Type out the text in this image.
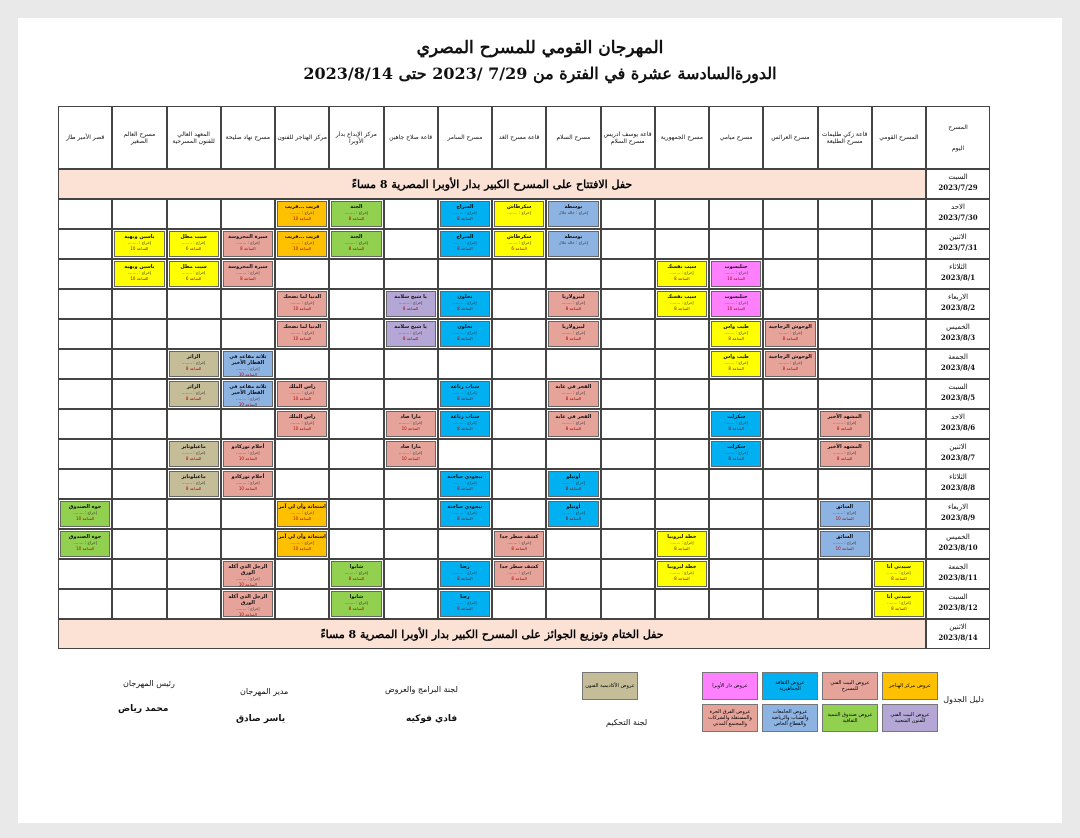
المهرجان القومي للمسرح المصري
الدورةالسادسة عشرة في الفترة من 7/29 /2023 حتى 2023/8/14
المسرح
اليوم
المسرح القومي
قاعة زكي طليمات مسرح الطليعة
مسرح العرائس
مسرح ميامي
مسرح الجمهورية
قاعة يوسف ادريس مسرح السلام
مسرح السلام
قاعة مسرح الغد
مسرح السامر
قاعة صلاح جاهين
مركز الإبداع بدار الأوبرا
مركز الهناجر للفنون
مسرح نهاد صليحة
المعهد العالي للفنون المسرحية
مسرح العالم الصغير
قصر الأمير طاز
السبت
2023/7/29
حفل الافتتاح على المسرح الكبير بدار الأوبرا المصرية 8 مساءً
الاحد
2023/7/30
الاثنين
2023/7/31
الثلاثاء
2023/8/1
الاربعاء
2023/8/2
الخميس
2023/8/3
الجمعة
2023/8/4
السبت
2023/8/5
الاحد
2023/8/6
الاثنين
2023/8/7
الثلاثاء
2023/8/8
الاربعاء
2023/8/9
الخميس
2023/8/10
الجمعة
2023/8/11
السبت
2023/8/12
الاثنين
2023/8/14
حفل الختام وتوزيع الجوائز على المسرح الكبير بدار الأوبرا المصرية 8 مساءً
بوسطة
إخراج : خالد جلال
سكرطاش
إخراج : ........
السراج
إخراج : ........
الساعة 8
الجنة
إخراج : ........
الساعة 8
قريب ...قريب
إخراج : ........
الساعة 10
بوسطة
إخراج : خالد جلال
سكرطاش
إخراج : ........
الساعة 6
السراج
إخراج : ........
الساعة 8
الجنة
إخراج : ........
الساعة 8
قريب ...قريب
إخراج : ........
الساعة 10
سيرة المحروسة
إخراج : ........
الساعة 8
سيت مطل
إخراج : ........
الساعة 6
ياسين وبهية
إخراج : ........
الساعة 10
سيب نفسك
إخراج : ........
الساعة 8
حتلبسوت
إخراج : ........
الساعة 10
سيرة المحروسة
إخراج : ........
الساعة 8
سيت مطل
إخراج : ........
الساعة 6
ياسين وبهية
إخراج : ........
الساعة 10
حتلبسوت
إخراج : ........
الساعة 10
سيب نفسك
إخراج : ........
الساعة 8
لبيزولاريا
إخراج : ........
الساعة 8
تخلون
إخراج : ........
الساعة 8
يا شيخ سلامة
إخراج : ........
الساعة 8
الدنيا لما تضحك
إخراج : ........
الساعة 10
الوحوش الزجاجية
إخراج : ........
الساعة 8
طيب واس
إخراج : ........
الساعة 8
لبيزولاريا
إخراج : ........
الساعة 8
تخلون
إخراج : ........
الساعة 8
يا شيخ سلامة
إخراج : ........
الساعة 8
الدنيا لما تضحك
إخراج : ........
الساعة 10
الوحوش الزجاجية
إخراج : ........
الساعة 8
طيب واس
إخراج : ........
الساعة 8
ثلاثة مقاعد في القطار الأخير
إخراج : ........
الساعة 10
الزائر
إخراج : ........
الساعة 8
الفجر في غابة
إخراج : ........
الساعة 8
سناب رتاعة
إخراج : ........
الساعة 8
راس الملك
إخراج : ........
الساعة 10
ثلاثة مقاعد في القطار الأخير
إخراج : ........
الساعة 10
الزائر
إخراج : ........
الساعة 8
المشهد الأخير
إخراج : ........
الساعة 8
سكرلت
إخراج : ........
الساعة 8
الفجر في غابة
إخراج : ........
الساعة 8
سناب رتاعة
إخراج : ........
الساعة 8
مارا صاد
إخراج : ........
الساعة 10
راس الملك
إخراج : ........
الساعة 10
المشهد الأخير
إخراج : ........
الساعة 8
سكرلت
إخراج : ........
الساعة 8
مارا صاد
إخراج : ........
الساعة 10
أحلام ثوركادو
إخراج : ........
الساعة 10
ماغيلونايز
إخراج : ........
الساعة 8
أوتيلو
إخراج : ........
الساعة 8
بيجودي ساخنة
إخراج : ........
الساعة 8
أحلام ثوركادو
إخراج : ........
الساعة 10
ماغيلونايز
إخراج : ........
الساعة 8
السائق
إخراج : ........
الساعة 10
أوتيلو
إخراج : ........
الساعة 8
بيجودي ساخنة
إخراج : ........
الساعة 8
استغاثة وأن لي آمر
إخراج : ........
الساعة 10
جوة الصندوق
إخراج : ........
الساعة 10
السائق
إخراج : ........
الساعة 10
خطة ليروبيا
إخراج : ........
الساعة 8
كشف سطر جدا
إخراج : ........
الساعة 8
استغاثة وأن لي آمر
إخراج : ........
الساعة 10
جوة الصندوق
إخراج : ........
الساعة 10
سيدتي أنا
إخراج : ........
الساعة 8
خطة ليروبيا
إخراج : ........
الساعة 8
كشف سطر جدا
إخراج : ........
الساعة 8
رضا
إخراج : ........
الساعة 8
شابوا
إخراج : ........
الساعة 8
الرجل الذي أكله الورق
إخراج : ........
الساعة 10
سيدتي أنا
إخراج : ........
الساعة 8
رضا
إخراج : ........
الساعة 8
شابوا
إخراج : ........
الساعة 8
الرجل الذي أكله الورق
إخراج : ........
الساعة 10
عروض مركز الهناجر
عروض البيت الفني للمسرح
عروض الثقافة الجماهيرية
عروض دار الأوبرا
عروض الأكاديمية الفنون
عروض البيت الفني للفنون الشعبية
عروض صندوق التنمية الثقافية
عروض الجامعات والشباب والرياضة والقطاع الخاص
عروض الفرق الحرة والمستقلة والشركات والمجتمع المدني
دليل الجدول
لجنة البرامج والعروض
فادي فوكيه	لجنة التحكيم
مدير المهرجان
ياسر صادق
رئيس المهرجان
محمد رياض
